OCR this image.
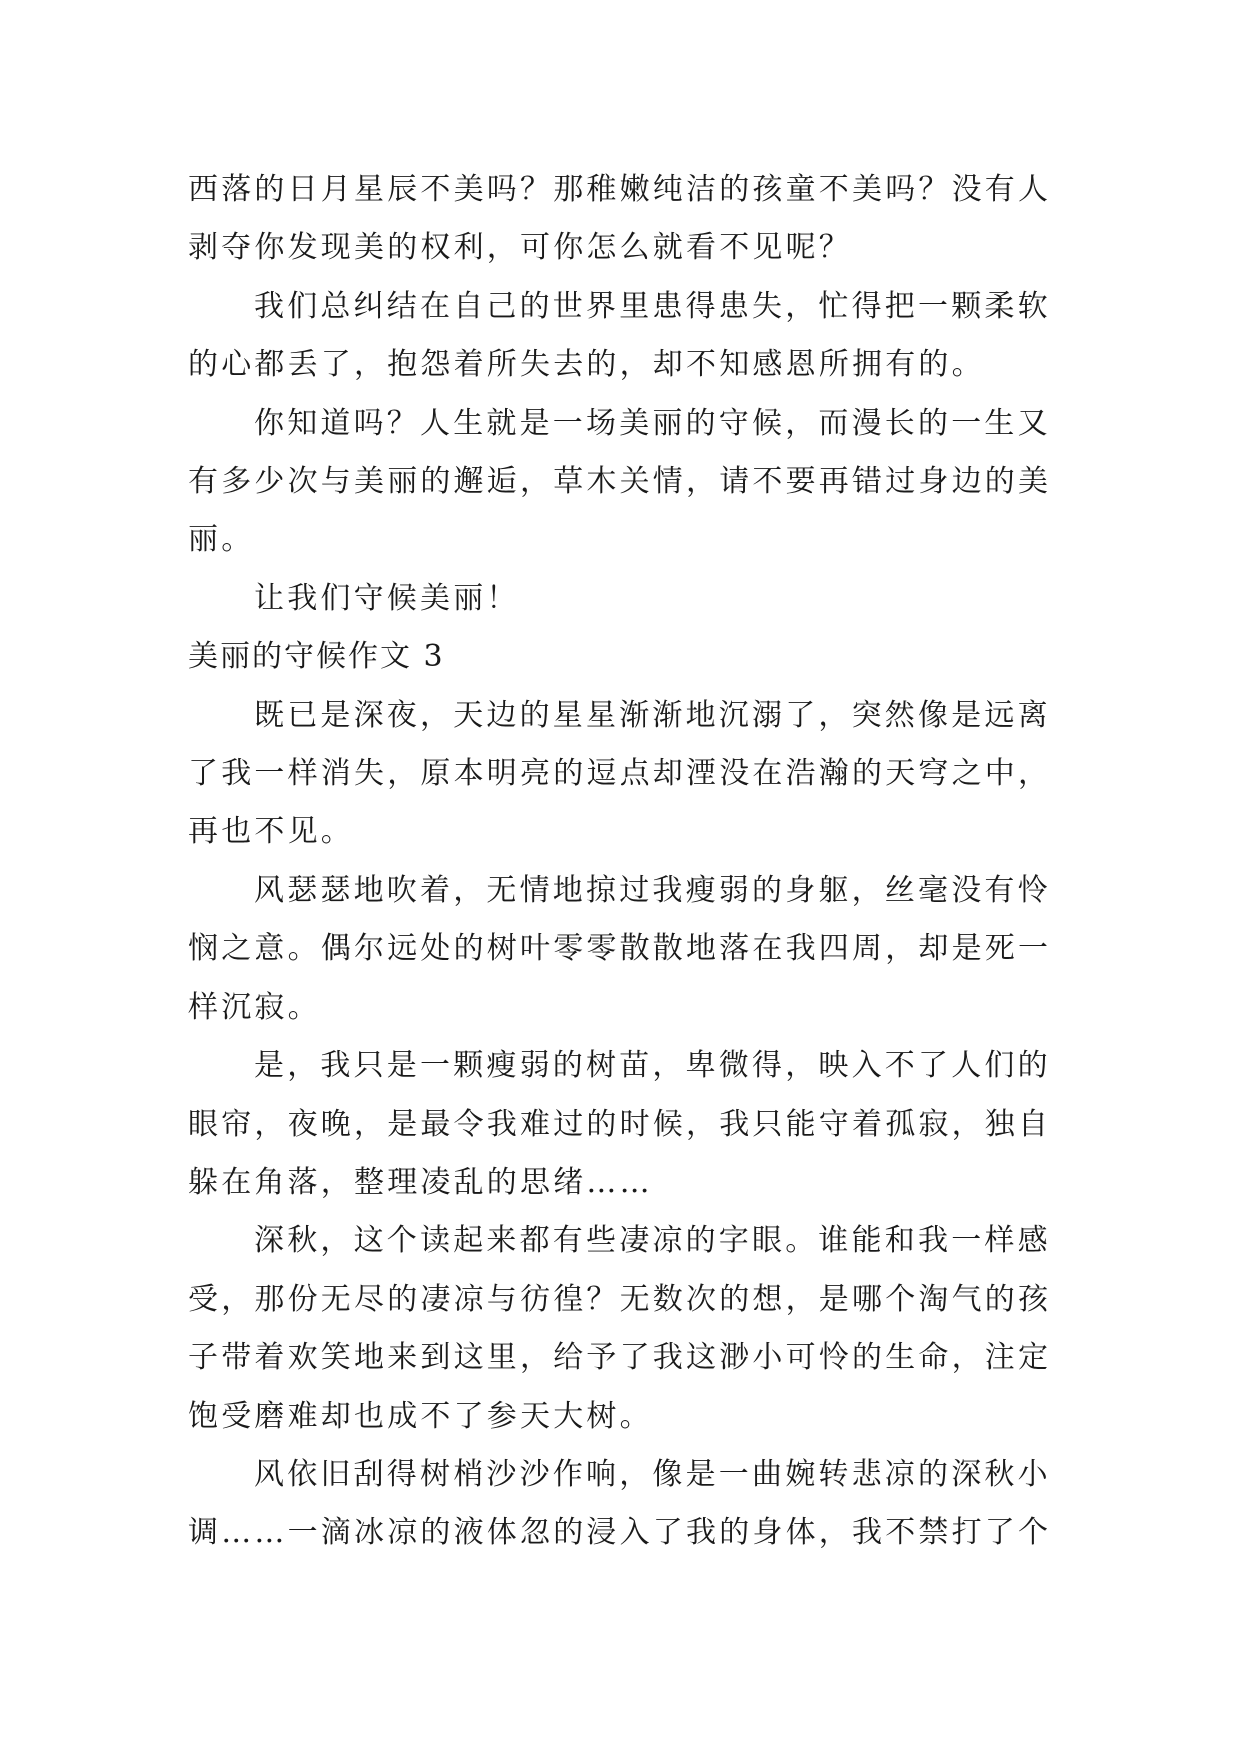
西落的日月星辰不美吗？那稚嫩纯洁的孩童不美吗？没有人剥夺你发现美的权利，可你怎么就看不见呢？

我们总纠结在自己的世界里患得患失，忙得把一颗柔软的心都丢了，抱怨着所失去的，却不知感恩所拥有的。

你知道吗？人生就是一场美丽的守候，而漫长的一生又有多少次与美丽的邂逅，草木关情，请不要再错过身边的美丽。

让我们守候美丽！

美丽的守候作文 3

既已是深夜，天边的星星渐渐地沉溺了，突然像是远离了我一样消失，原本明亮的逗点却湮没在浩瀚的天穹之中，再也不见。

风瑟瑟地吹着，无情地掠过我瘦弱的身躯，丝毫没有怜悯之意。偶尔远处的树叶零零散散地落在我四周，却是死一样沉寂。

是，我只是一颗瘦弱的树苗，卑微得，映入不了人们的眼帘，夜晚，是最令我难过的时候，我只能守着孤寂，独自躲在角落，整理凌乱的思绪……

深秋，这个读起来都有些凄凉的字眼。谁能和我一样感受，那份无尽的凄凉与彷徨？无数次的想，是哪个淘气的孩子带着欢笑地来到这里，给予了我这渺小可怜的生命，注定饱受磨难却也成不了参天大树。

风依旧刮得树梢沙沙作响，像是一曲婉转悲凉的深秋小调……一滴冰凉的液体忽的浸入了我的身体，我不禁打了个
